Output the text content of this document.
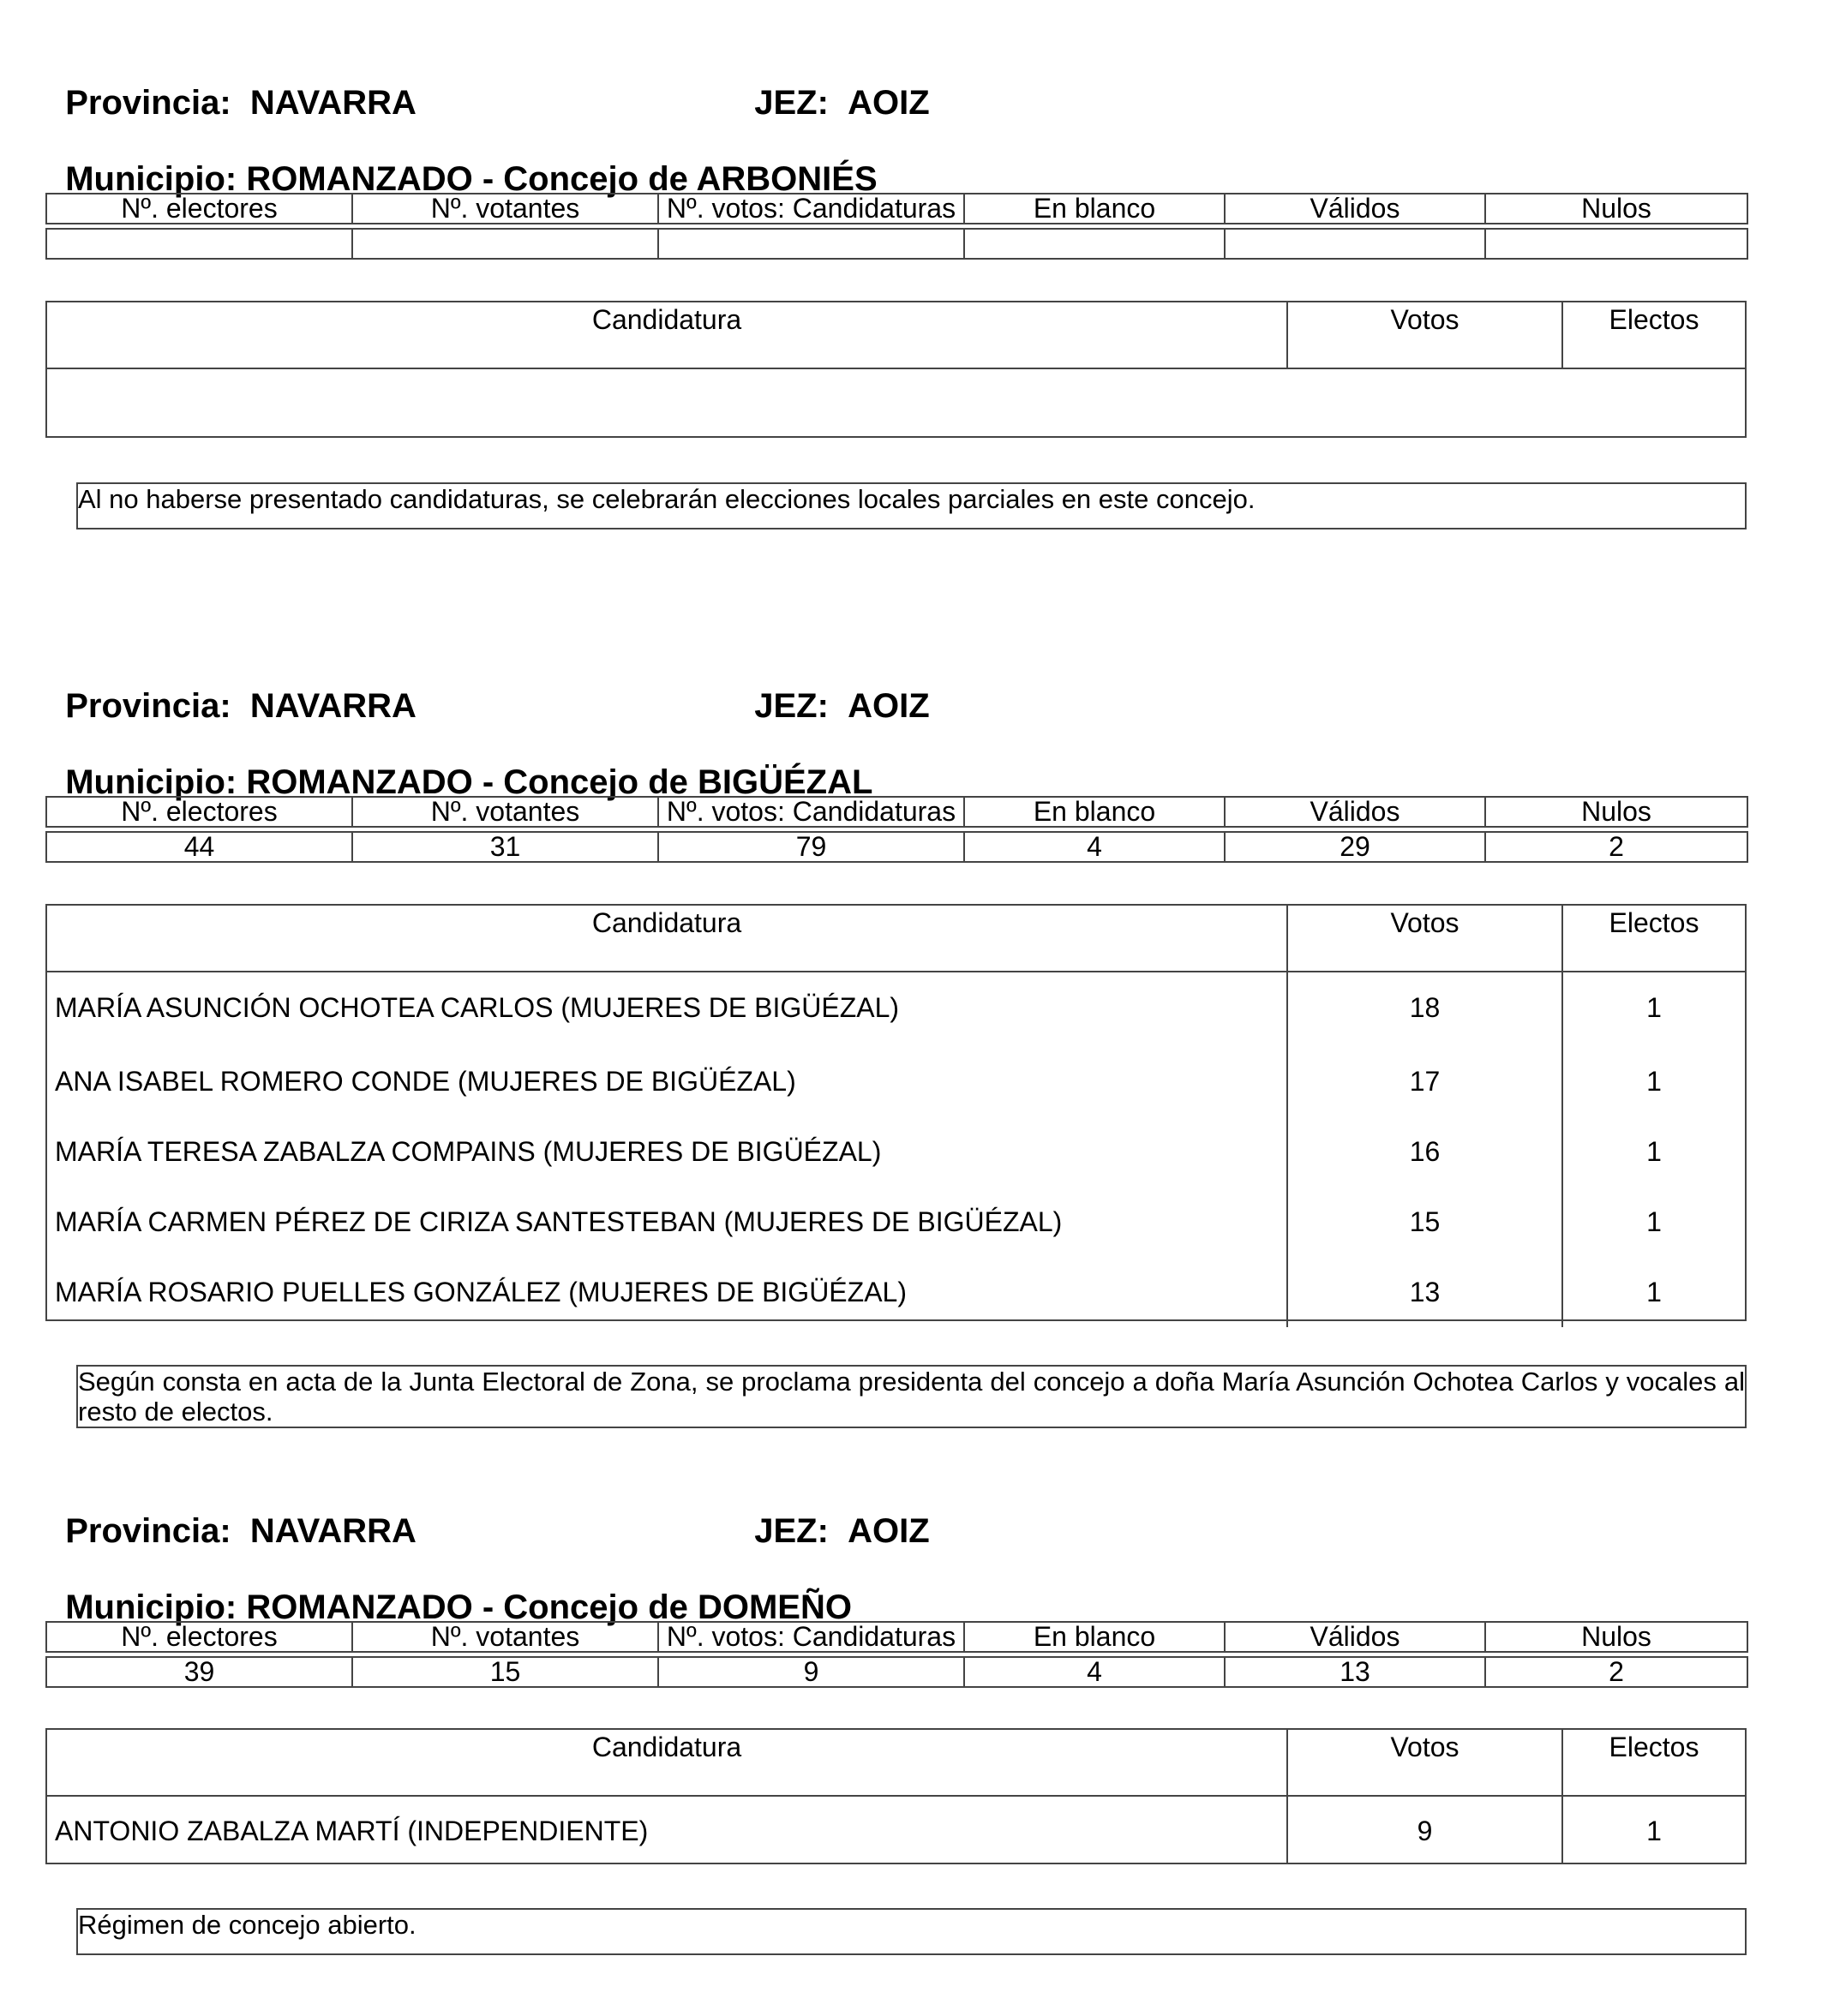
Provincia: NAVARRA	JEZ: AOIZ

Municipio: ROMANZADO - Concejo de ARBONIÉS

Nº. electores	Nº. votantes	Nº. votos: Candidaturas	En blanco	Válidos	Nulos

Candidatura	Votos	Electos
Al no haberse presentado candidaturas, se celebrarán elecciones locales parciales en este concejo.

Provincia: NAVARRA	JEZ: AOIZ

Municipio: ROMANZADO - Concejo de BIGÜÉZAL

Nº. electores	Nº. votantes	Nº. votos: Candidaturas	En blanco	Válidos	Nulos

44	31	79	4	29	2
Candidatura	Votos	Electos
MARÍA ASUNCIÓN OCHOTEA CARLOS (MUJERES DE BIGÜÉZAL)	18	1
ANA ISABEL ROMERO CONDE (MUJERES DE BIGÜÉZAL)	17	1
MARÍA TERESA ZABALZA COMPAINS (MUJERES DE BIGÜÉZAL)	16	1
MARÍA CARMEN PÉREZ DE CIRIZA SANTESTEBAN (MUJERES DE BIGÜÉZAL)	15	1
MARÍA ROSARIO PUELLES GONZÁLEZ (MUJERES DE BIGÜÉZAL)	13	1
Según consta en acta de la Junta Electoral de Zona, se proclama presidenta del concejo a doña María Asunción Ochotea Carlos y vocales al resto de electos.

Provincia: NAVARRA	JEZ: AOIZ

Municipio: ROMANZADO - Concejo de DOMEÑO

Nº. electores	Nº. votantes	Nº. votos: Candidaturas	En blanco	Válidos	Nulos

39	15	9	4	13	2
Candidatura	Votos	Electos
ANTONIO ZABALZA MARTÍ (INDEPENDIENTE)	9	1
Régimen de concejo abierto.
